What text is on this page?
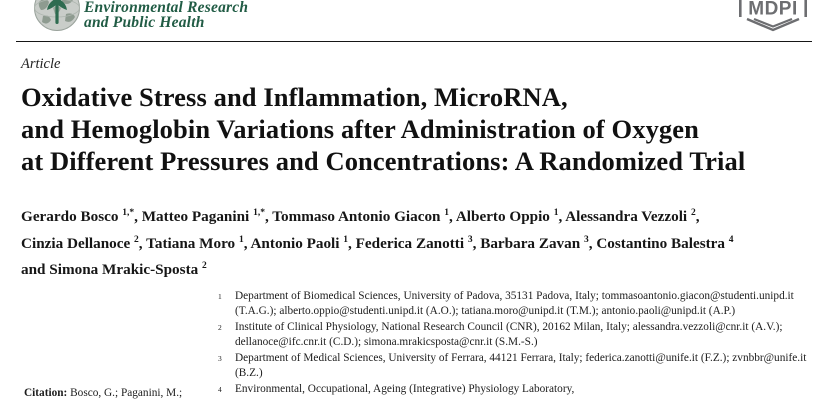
Environmental Research
and Public Health
MDPI
Article
Oxidative Stress and Inflammation, MicroRNA,
and Hemoglobin Variations after Administration of Oxygen
at Different Pressures and Concentrations: A Randomized Trial
Gerardo Bosco $^{1,*}$, Matteo Paganini $^{1,*}$, Tommaso Antonio Giacon $^1$, Alberto Oppio $^1$, Alessandra Vezzoli $^2$,
Cinzia Dellanoce $^2$, Tatiana Moro $^1$, Antonio Paoli $^1$, Federica Zanotti $^3$, Barbara Zavan $^3$, Costantino Balestra $^4$
and Simona Mrakic-Sposta $^2$
$^1$	Department of Biomedical Sciences, University of Padova, 35131 Padova, Italy; tommasoantonio.giacon@studenti.unipd.it (T.A.G.); alberto.oppio@studenti.unipd.it (A.O.); tatiana.moro@unipd.it (T.M.); antonio.paoli@unipd.it (A.P.)
$^2$	Institute of Clinical Physiology, National Research Council (CNR), 20162 Milan, Italy; alessandra.vezzoli@cnr.it (A.V.); dellanoce@ifc.cnr.it (C.D.); simona.mrakicsposta@cnr.it (S.M.-S.)
$^3$	Department of Medical Sciences, University of Ferrara, 44121 Ferrara, Italy; federica.zanotti@unife.it (F.Z.); zvnbbr@unife.it (B.Z.)
$^4$	Environmental, Occupational, Ageing (Integrative) Physiology Laboratory,
Citation: Bosco, G.; Paganini, M.;
